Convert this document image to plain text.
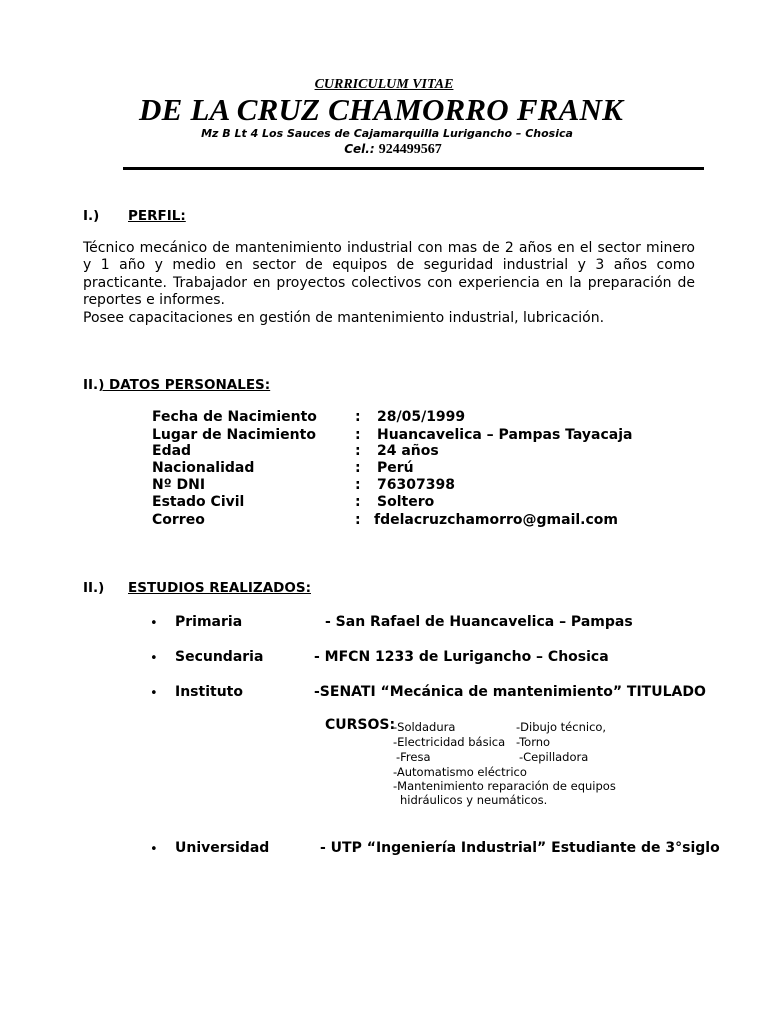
CURRICULUM VITAE
DE LA CRUZ CHAMORRO FRANK
Mz B Lt 4 Los Sauces de Cajamarquilla Lurigancho – Chosica
Cel.: 924499567
I.) PERFIL:

Técnico mecánico de mantenimiento industrial con mas de 2 años en el sector minero y 1 año y medio en sector de equipos de seguridad industrial y 3 años como practicante. Trabajador en proyectos colectivos con experiencia en la preparación de reportes e informes.

Posee capacitaciones en gestión de mantenimiento industrial, lubricación.

II.) DATOS PERSONALES:
Fecha de Nacimiento	: 28/05/1999
Lugar de Nacimiento	: Huancavelica – Pampas Tayacaja
Edad	: 24 años
Nacionalidad	: Perú
Nº DNI	: 76307398
Estado Civil	: Soltero
Correo	: fdelacruzchamorro@gmail.com
II.) ESTUDIOS REALIZADOS:
• Primaria	- San Rafael de Huancavelica – Pampas
• Secundaria	- MFCN 1233 de Lurigancho – Chosica
• Instituto	-SENATI “Mecánica de mantenimiento” TITULADO
CURSOS:
-Soldadura	-Dibujo técnico,
-Electricidad básica -Torno
-Fresa	-Cepilladora
-Automatismo eléctrico
-Mantenimiento reparación de equipos
hidráulicos y neumáticos.
• Universidad	- UTP “Ingeniería Industrial” Estudiante de 3°siglo
